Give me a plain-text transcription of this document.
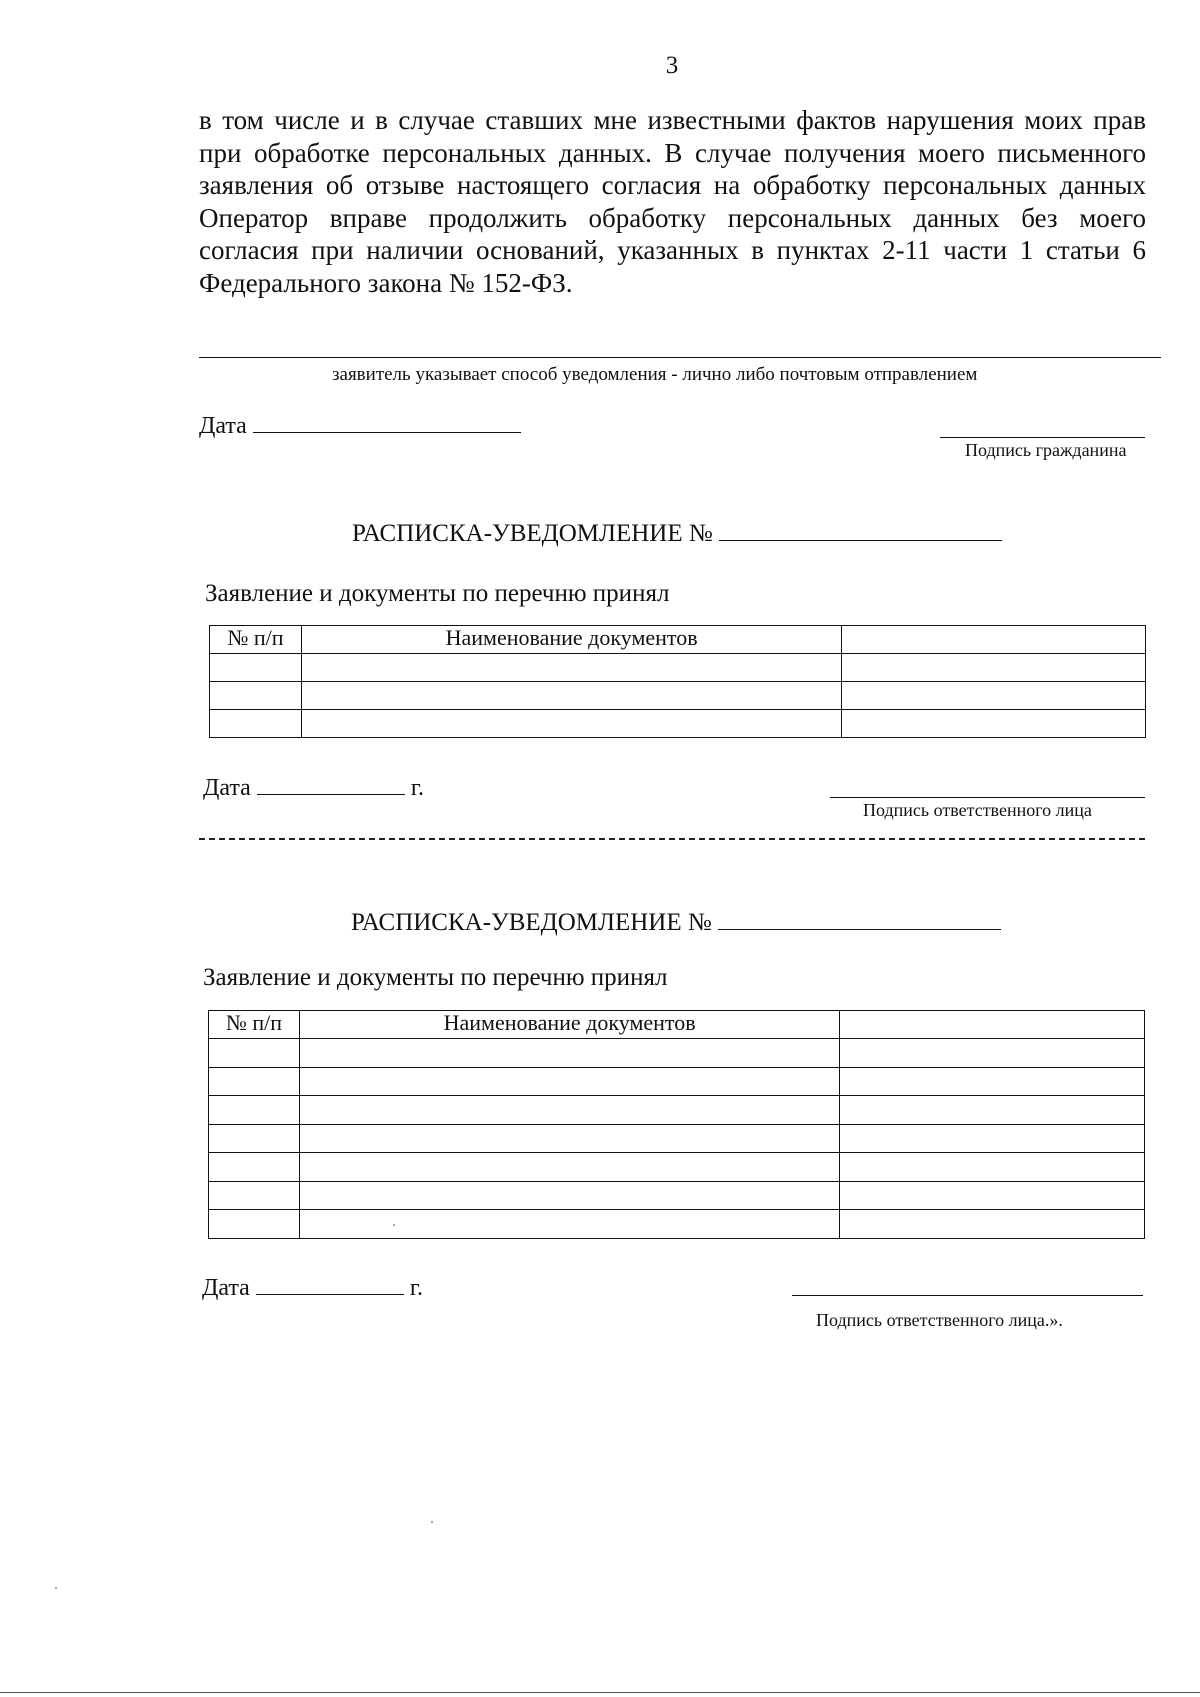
3
в том числе и в случае ставших мне известными фактов нарушения моих прав при обработке персональных данных. В случае получения моего письменного заявления об отзыве настоящего согласия на обработку персональных данных Оператор вправе продолжить обработку персональных данных без моего согласия при наличии оснований, указанных в пунктах 2-11 части 1 статьи 6 Федерального закона № 152-ФЗ.
заявитель указывает способ уведомления - лично либо почтовым отправлением
Дата
Подпись гражданина
РАСПИСКА-УВЕДОМЛЕНИЕ №
Заявление и документы по перечню принял
№ п/п	Наименование документов	

Дата	г.
Подпись ответственного лица
РАСПИСКА-УВЕДОМЛЕНИЕ №
Заявление и документы по перечню принял
№ п/п	Наименование документов	

Дата	г.
Подпись ответственного лица.».
